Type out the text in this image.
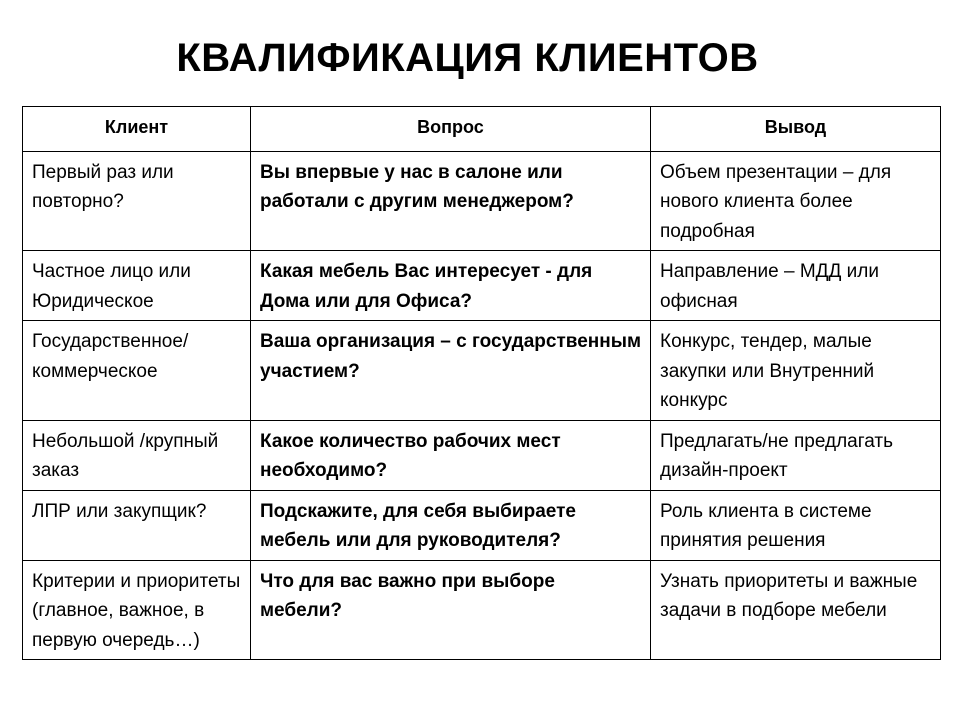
КВАЛИФИКАЦИЯ КЛИЕНТОВ
Клиент	Вопрос	Вывод
Первый раз или повторно?	Вы впервые у нас в салоне или работали с другим менеджером?	Объем презентации – для нового клиента более подробная
Частное лицо или Юридическое	Какая мебель Вас интересует - для Дома или для Офиса?	Направление – МДД или офисная
Государственное/коммерческое	Ваша организация – с государственным участием?	Конкурс, тендер, малые закупки или Внутренний конкурс
Небольшой /крупный заказ	Какое количество рабочих мест необходимо?	Предлагать/не предлагать дизайн-проект
ЛПР или закупщик?	Подскажите, для себя выбираете мебель или для руководителя?	Роль клиента в системе принятия решения
Критерии и приоритеты (главное, важное, в первую очередь…)	Что для вас важно при выборе мебели?	Узнать приоритеты и важные задачи в подборе мебели
